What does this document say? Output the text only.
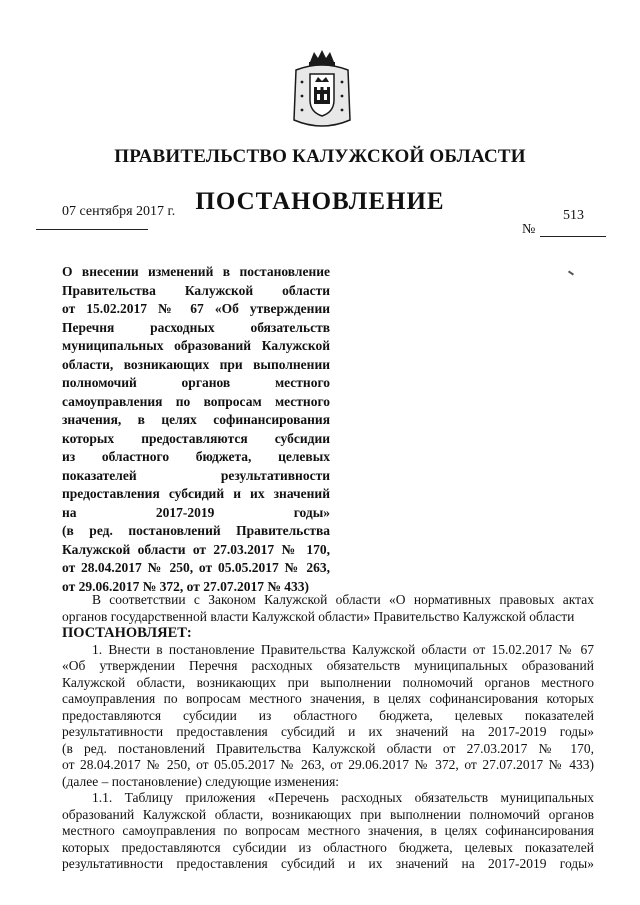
ПРАВИТЕЛЬСТВО КАЛУЖСКОЙ ОБЛАСТИ
ПОСТАНОВЛЕНИЕ
07 сентября 2017 г.	513
№
О внесении изменений в постановление
Правительства Калужской области
от 15.02.2017 № 67 «Об утверждении
Перечня расходных обязательств
муниципальных образований Калужской
области, возникающих при выполнении
полномочий органов местного
самоуправления по вопросам местного
значения, в целях софинансирования
которых предоставляются субсидии
из областного бюджета, целевых
показателей результативности
предоставления субсидий и их значений
на 2017-2019 годы»
(в ред. постановлений Правительства
Калужской области от 27.03.2017 № 170,
от 28.04.2017 № 250, от 05.05.2017 № 263,
от 29.06.2017 № 372, от 27.07.2017 № 433)
В соответствии с Законом Калужской области «О нормативных правовых актах
органов государственной власти Калужской области» Правительство Калужской области
ПОСТАНОВЛЯЕТ:
1. Внести в постановление Правительства Калужской области от 15.02.2017 № 67
«Об утверждении Перечня расходных обязательств муниципальных образований
Калужской области, возникающих при выполнении полномочий органов местного
самоуправления по вопросам местного значения, в целях софинансирования которых
предоставляются субсидии из областного бюджета, целевых показателей
результативности предоставления субсидий и их значений на 2017-2019 годы»
(в ред. постановлений Правительства Калужской области от 27.03.2017 № 170,
от 28.04.2017 № 250, от 05.05.2017 № 263, от 29.06.2017 № 372, от 27.07.2017 № 433)
(далее – постановление) следующие изменения:
1.1. Таблицу приложения «Перечень расходных обязательств муниципальных
образований Калужской области, возникающих при выполнении полномочий органов
местного самоуправления по вопросам местного значения, в целях софинансирования
которых предоставляются субсидии из областного бюджета, целевых показателей
результативности предоставления субсидий и их значений на 2017-2019 годы»
